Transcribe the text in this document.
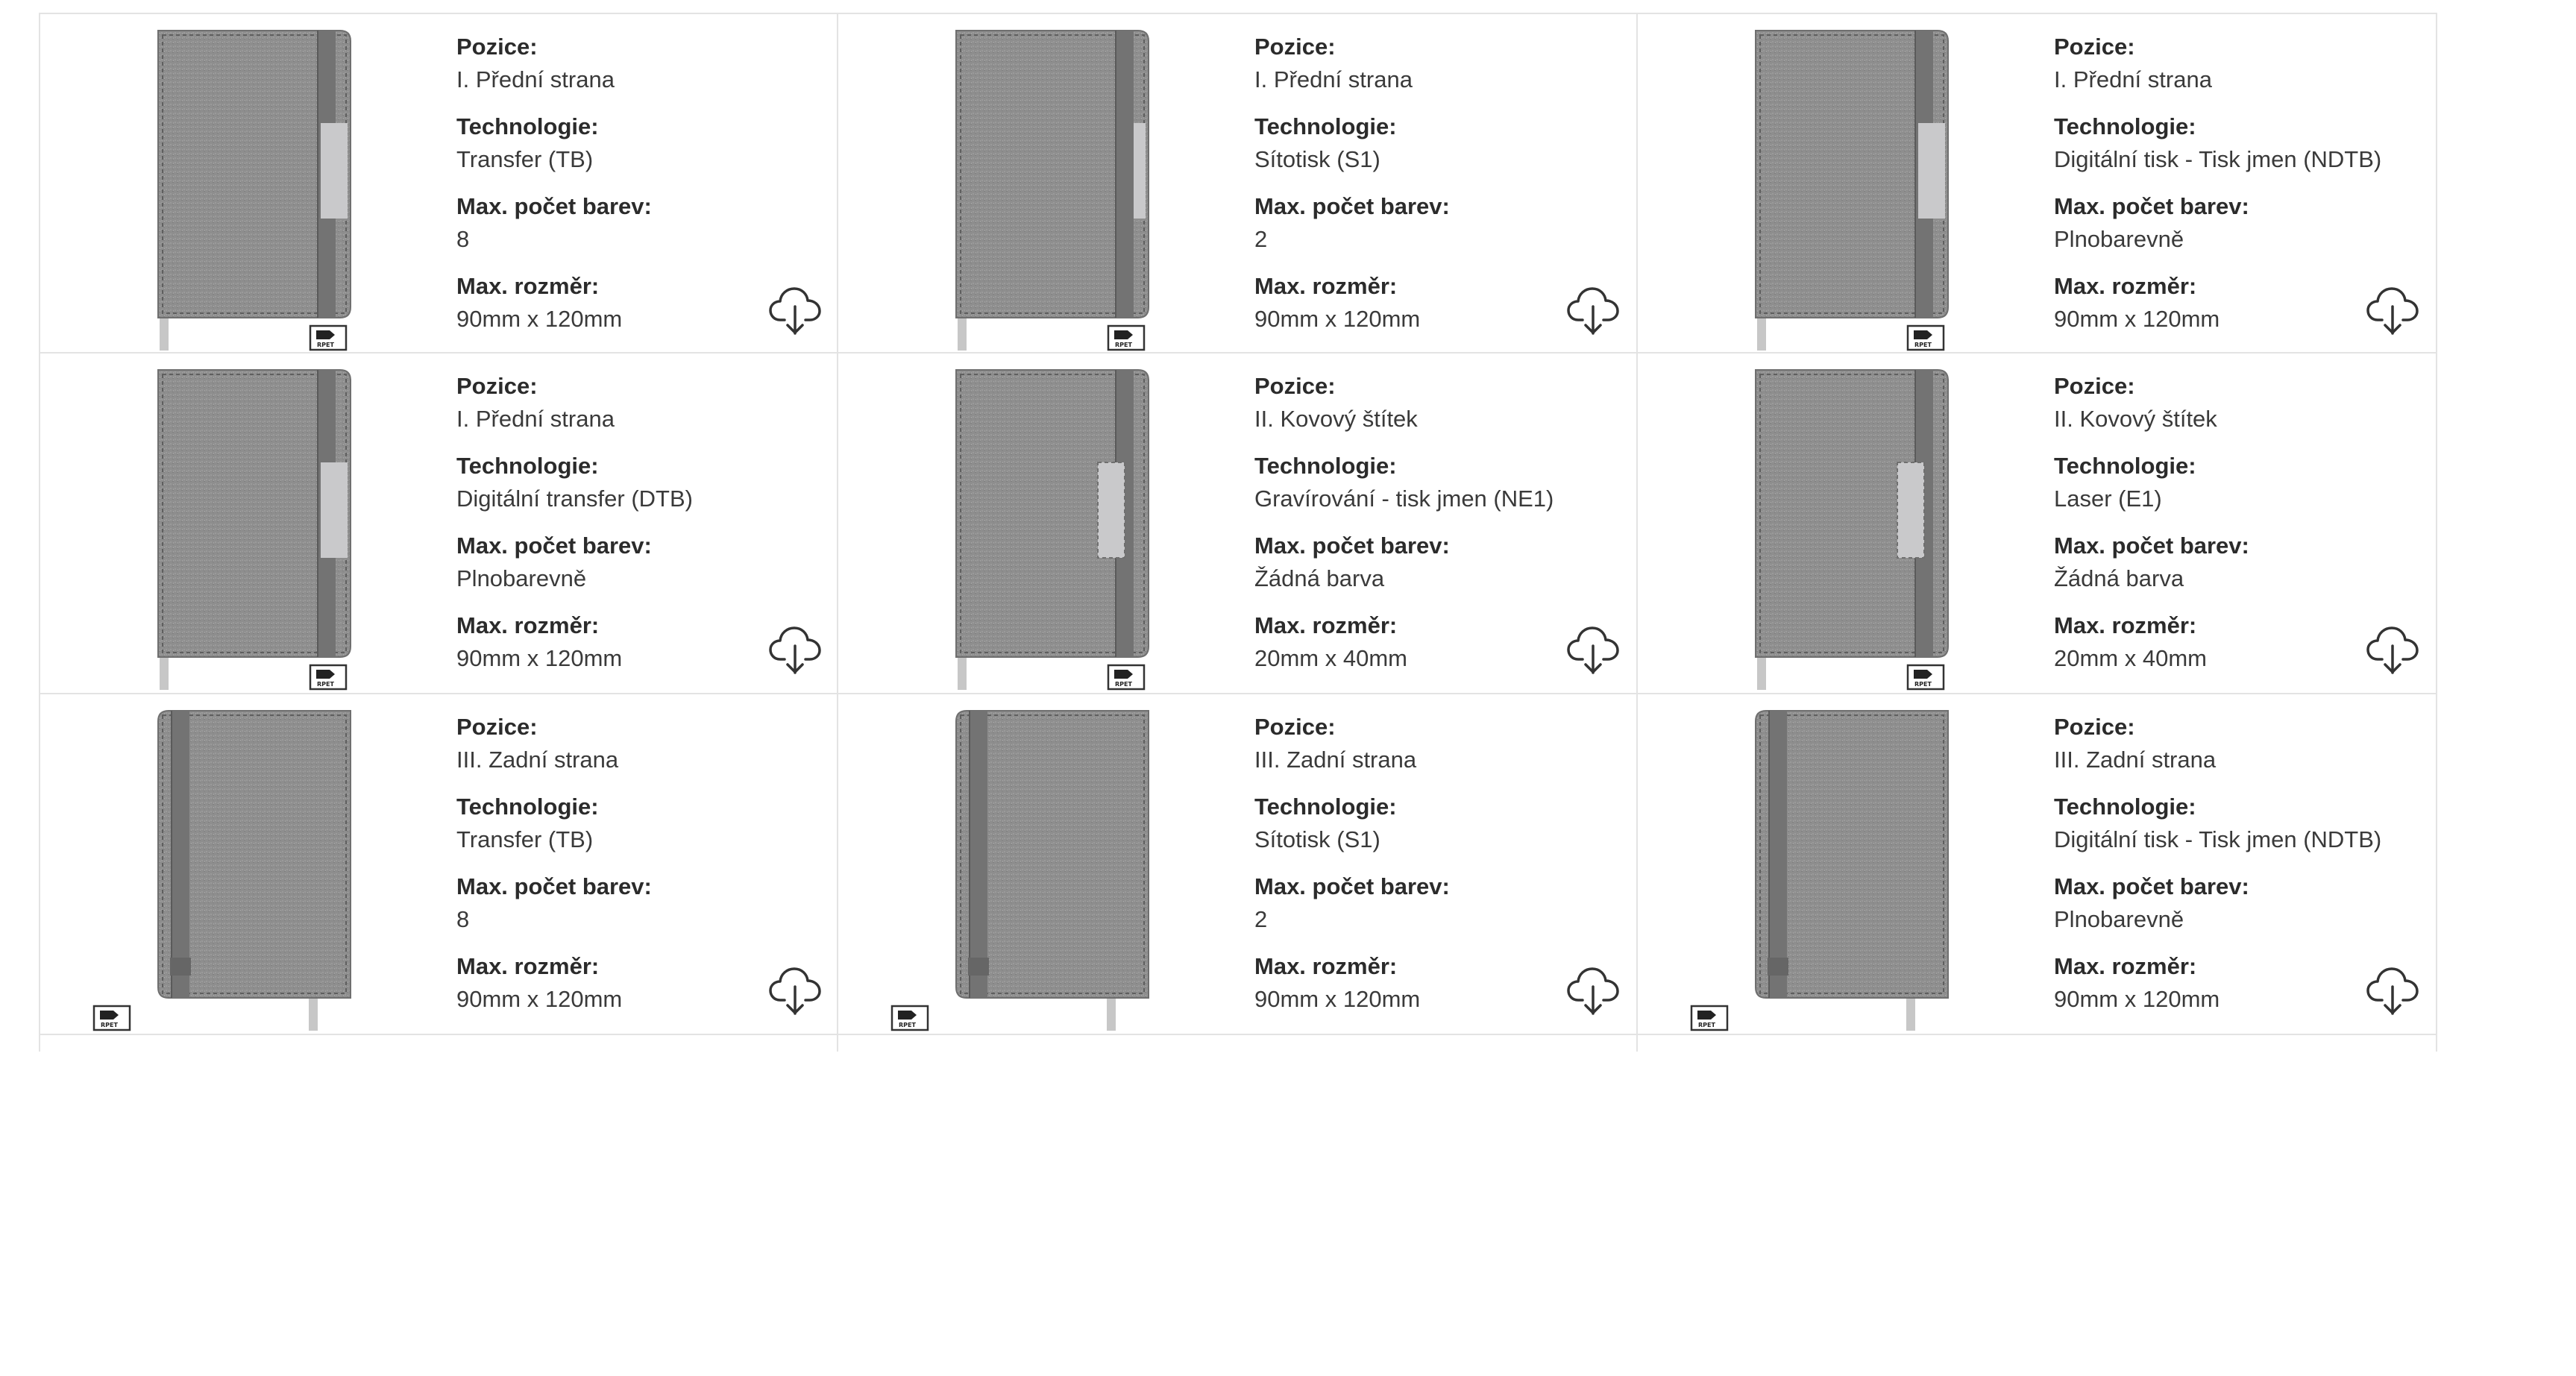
RPET
Pozice:
I. Přední strana
Technologie:
Transfer (TB)
Max. počet barev:
8
Max. rozměr:
90mm x 120mm
RPET
Pozice:
I. Přední strana
Technologie:
Sítotisk (S1)
Max. počet barev:
2
Max. rozměr:
90mm x 120mm
RPET
Pozice:
I. Přední strana
Technologie:
Digitální tisk - Tisk jmen (NDTB)
Max. počet barev:
Plnobarevně
Max. rozměr:
90mm x 120mm
RPET
Pozice:
I. Přední strana
Technologie:
Digitální transfer (DTB)
Max. počet barev:
Plnobarevně
Max. rozměr:
90mm x 120mm
RPET
Pozice:
II. Kovový štítek
Technologie:
Gravírování - tisk jmen (NE1)
Max. počet barev:
Žádná barva
Max. rozměr:
20mm x 40mm
RPET
Pozice:
II. Kovový štítek
Technologie:
Laser (E1)
Max. počet barev:
Žádná barva
Max. rozměr:
20mm x 40mm
RPET
Pozice:
III. Zadní strana
Technologie:
Transfer (TB)
Max. počet barev:
8
Max. rozměr:
90mm x 120mm
RPET
Pozice:
III. Zadní strana
Technologie:
Sítotisk (S1)
Max. počet barev:
2
Max. rozměr:
90mm x 120mm
RPET
Pozice:
III. Zadní strana
Technologie:
Digitální tisk - Tisk jmen (NDTB)
Max. počet barev:
Plnobarevně
Max. rozměr:
90mm x 120mm
